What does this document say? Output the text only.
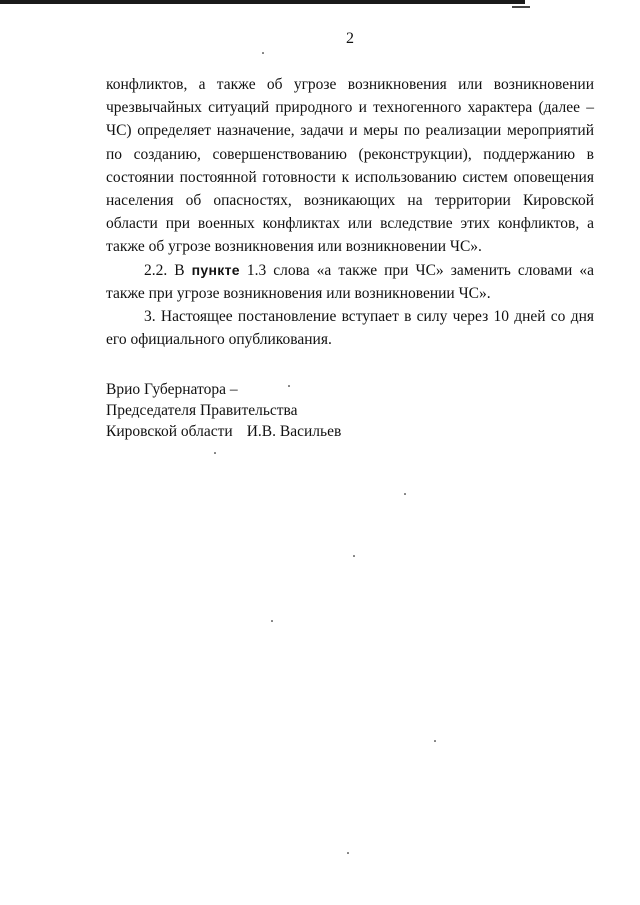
2

конфликтов, а также об угрозе возникновения или возникновении чрезвычайных ситуаций природного и техногенного характера (далее – ЧС) определяет назначение, задачи и меры по реализации мероприятий по созданию, совершенствованию (реконструкции), поддержанию в состоянии постоянной готовности к использованию систем оповещения населения об опасностях, возникающих на территории Кировской области при военных конфликтах или вследствие этих конфликтов, а также об угрозе возникновения или возникновении ЧС».

2.2. В пункте 1.3 слова «а также при ЧС» заменить словами «а также при угрозе возникновения или возникновении ЧС».

3. Настоящее постановление вступает в силу через 10 дней со дня его официального опубликования.

Врио Губернатора –
Председателя Правительства
Кировской области И.В. Васильев
